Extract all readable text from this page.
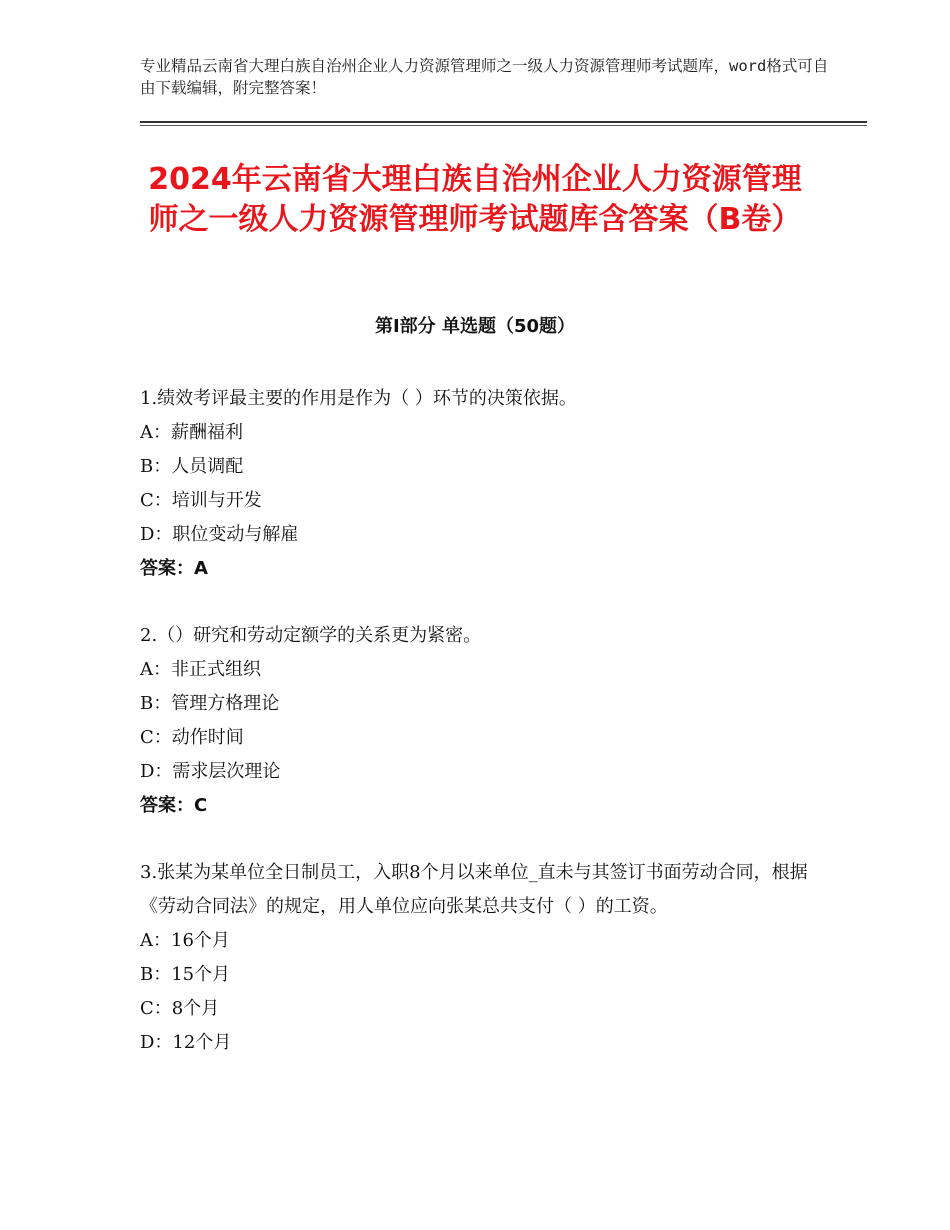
专业精品云南省大理白族自治州企业人力资源管理师之一级人力资源管理师考试题库，word格式可自由下载编辑，附完整答案！
2024年云南省大理白族自治州企业人力资源管理师之一级人力资源管理师考试题库含答案（B卷）
第Ⅰ部分 单选题（50题）

1.绩效考评最主要的作用是作为（ ）环节的决策依据。

A：薪酬福利

B：人员调配

C：培训与开发

D：职位变动与解雇

答案：A

2.（）研究和劳动定额学的关系更为紧密。

A：非正式组织

B：管理方格理论

C：动作时间

D：需求层次理论

答案：C

3.张某为某单位全日制员工，入职8个月以来单位_直未与其签订书面劳动合同，根据 《劳动合同法》的规定，用人单位应向张某总共支付（ ）的工资。

A：16个月

B：15个月

C：8个月

D：12个月
